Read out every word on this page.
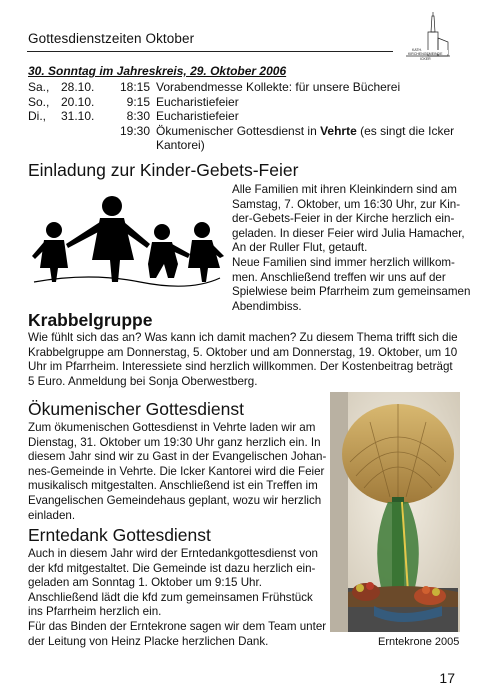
Gottesdienstzeiten Oktober
KATH.
KIRCHENGEMEINDE
ICKER
30. Sonntag im Jahreskreis, 29. Oktober 2006
Sa., 28.10.	18:15 Vorabendmesse Kollekte: für unsere Bücherei
So., 20.10.	9:15 Eucharistiefeier
Di., 31.10.	8:30 Eucharistiefeier
19:30 Ökumenischer Gottesdienst in Vehrte (es singt die Icker
Kantorei)
Einladung zur Kinder-Gebets-Feier
Alle Familien mit ihren Kleinkindern sind am
Samstag, 7. Oktober, um 16:30 Uhr, zur Kin-
der-Gebets-Feier in der Kirche herzlich ein-
geladen. In dieser Feier wird Julia Hamacher,
An der Ruller Flut, getauft.
Neue Familien sind immer herzlich willkom-
men. Anschließend treffen wir uns auf der
Spielwiese beim Pfarrheim zum gemeinsamen
Abendimbiss.
Krabbelgruppe
Wie fühlt sich das an? Was kann ich damit machen? Zu diesem Thema trifft sich die
Krabbelgruppe am Donnerstag, 5. Oktober und am Donnerstag, 19. Oktober, um 10
Uhr im Pfarrheim. Interessiete sind herzlich willkommen. Der Kostenbeitrag beträgt
5 Euro. Anmeldung bei Sonja Oberwestberg.
Ökumenischer Gottesdienst
Zum ökumenischen Gottesdienst in Vehrte laden wir am
Dienstag, 31. Oktober um 19:30 Uhr ganz herzlich ein. In
diesem Jahr sind wir zu Gast in der Evangelischen Johan-
nes-Gemeinde in Vehrte. Die Icker Kantorei wird die Feier
musikalisch mitgestalten. Anschließend ist ein Treffen im
Evangelischen Gemeindehaus geplant, wozu wir herzlich
einladen.
Erntedank Gottesdienst
Auch in diesem Jahr wird der Erntedankgottesdienst von
der kfd mitgestaltet. Die Gemeinde ist dazu herzlich ein-
geladen am Sonntag 1. Oktober um 9:15 Uhr.
Anschließend lädt die kfd zum gemeinsamen Frühstück
ins Pfarrheim herzlich ein.
Für das Binden der Erntekrone sagen wir dem Team unter
der Leitung von Heinz Placke herzlichen Dank.	Erntekrone 2005
17
